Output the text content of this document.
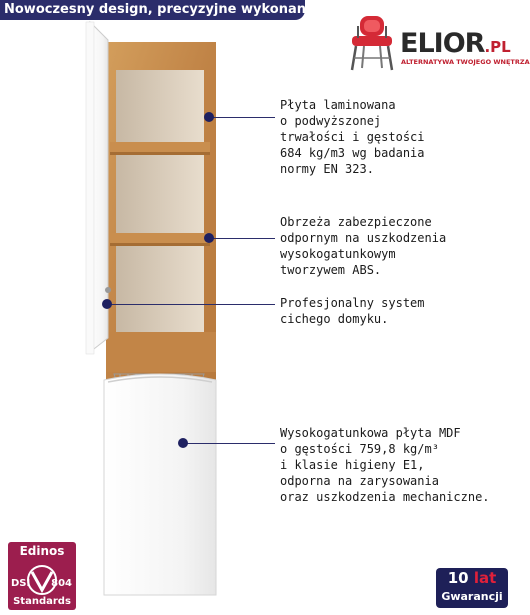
Nowoczesny design, precyzyjne wykonanie!
ELIOR.PL
ALTERNATYWA TWOJEGO WNĘTRZA
Płyta laminowana
o podwyższonej
trwałości i gęstości
684 kg/m3 wg badania
normy EN 323.
Obrzeża zabezpieczone
odpornym na uszkodzenia
wysokogatunkowym
tworzywem ABS.
Profesjonalny system
cichego domyku.
Wysokogatunkowa płyta MDF
o gęstości 759,8 kg/m³
i klasie higieny E1,
odporna na zarysowania
oraz uszkodzenia mechaniczne.
Edinos
DSI 804
Standards
10 lat
Gwarancji
